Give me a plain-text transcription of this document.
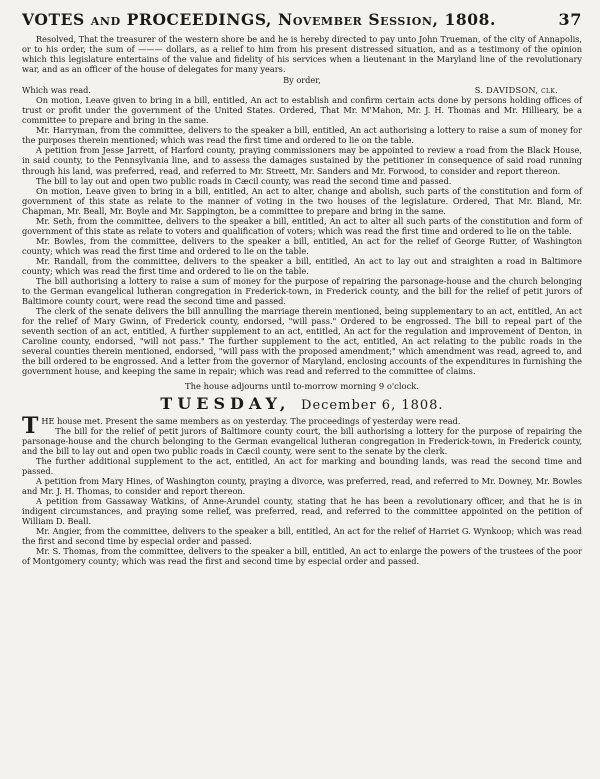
VOTES and PROCEEDINGS, November Session, 1808.	37

Resolved, That the treasurer of the western shore be and he is hereby directed to pay unto John Trueman, of the city of Annapolis, or to his order, the sum of ——— dollars, as a relief to him from his present distressed situation, and as a testimony of the opinion which this legislature entertains of the value and fidelity of his services when a lieutenant in the Maryland line of the revolutionary war, and as an officer of the house of delegates for many years.

By order,
Which was read.	S. DAVIDSON, clk.

On motion, Leave given to bring in a bill, entitled, An act to establish and confirm certain acts done by persons holding offices of trust or profit under the government of the United States. Ordered, That Mr. M'Mahon, Mr. J. H. Thomas and Mr. Hillieary, be a committee to prepare and bring in the same.

Mr. Harryman, from the committee, delivers to the speaker a bill, entitled, An act authorising a lottery to raise a sum of money for the purposes therein mentioned; which was read the first time and ordered to lie on the table.

A petition from Jesse Jarrett, of Harford county, praying commissioners may be appointed to review a road from the Black House, in said county, to the Pennsylvania line, and to assess the damages sustained by the petitioner in consequence of said road running through his land, was preferred, read, and referred to Mr. Streett, Mr. Sanders and Mr. Forwood, to consider and report thereon.

The bill to lay out and open two public roads in Cæcil county, was read the second time and passed.

On motion, Leave given to bring in a bill, entitled, An act to alter, change and abolish, such parts of the constitution and form of government of this state as relate to the manner of voting in the two houses of the legislature. Ordered, That Mr. Bland, Mr. Chapman, Mr. Beall, Mr. Boyle and Mr. Sappington, be a committee to prepare and bring in the same.

Mr. Seth, from the committee, delivers to the speaker a bill, entitled, An act to alter all such parts of the constitution and form of government of this state as relate to voters and qualification of voters; which was read the first time and ordered to lie on the table.

Mr. Bowles, from the committee, delivers to the speaker a bill, entitled, An act for the relief of George Rutter, of Washington county; which was read the first time and ordered to lie on the table.

Mr. Randall, from the committee, delivers to the speaker a bill, entitled, An act to lay out and straighten a road in Baltimore county; which was read the first time and ordered to lie on the table.

The bill authorising a lottery to raise a sum of money for the purpose of repairing the parsonage-house and the church belonging to the German evangelical lutheran congregation in Frederick-town, in Frederick county, and the bill for the relief of petit jurors of Baltimore county court, were read the second time and passed.

The clerk of the senate delivers the bill annulling the marriage therein mentioned, being supplementary to an act, entitled, An act for the relief of Mary Gwinn, of Frederick county, endorsed, "will pass." Ordered to be engrossed. The bill to repeal part of the seventh section of an act, entitled, A further supplement to an act, entitled, An act for the regulation and improvement of Denton, in Caroline county, endorsed, "will not pass." The further supplement to the act, entitled, An act relating to the public roads in the several counties therein mentioned, endorsed, "will pass with the proposed amendment;" which amendment was read, agreed to, and the bill ordered to be engrossed. And a letter from the governor of Maryland, enclosing accounts of the expenditures in furnishing the government house, and keeping the same in repair; which was read and referred to the committee of claims.

The house adjourns until to-morrow morning 9 o'clock.
TUESDAY, December 6, 1808.

THE house met. Present the same members as on yesterday. The proceedings of yesterday were read.

The bill for the relief of petit jurors of Baltimore county court, the bill authorising a lottery for the purpose of repairing the parsonage-house and the church belonging to the German evangelical lutheran congregation in Frederick-town, in Frederick county, and the bill to lay out and open two public roads in Cæcil county, were sent to the senate by the clerk.

The further additional supplement to the act, entitled, An act for marking and bounding lands, was read the second time and passed.

A petition from Mary Hines, of Washington county, praying a divorce, was preferred, read, and referred to Mr. Downey, Mr. Bowles and Mr. J. H. Thomas, to consider and report thereon.

A petition from Gassaway Watkins, of Anne-Arundel county, stating that he has been a revolutionary officer, and that he is in indigent circumstances, and praying some relief, was preferred, read, and referred to the committee appointed on the petition of William D. Beall.

Mr. Angier, from the committee, delivers to the speaker a bill, entitled, An act for the relief of Harriet G. Wynkoop; which was read the first and second time by especial order and passed.

Mr. S. Thomas, from the committee, delivers to the speaker a bill, entitled, An act to enlarge the powers of the trustees of the poor of Montgomery county; which was read the first and second time by especial order and passed.
